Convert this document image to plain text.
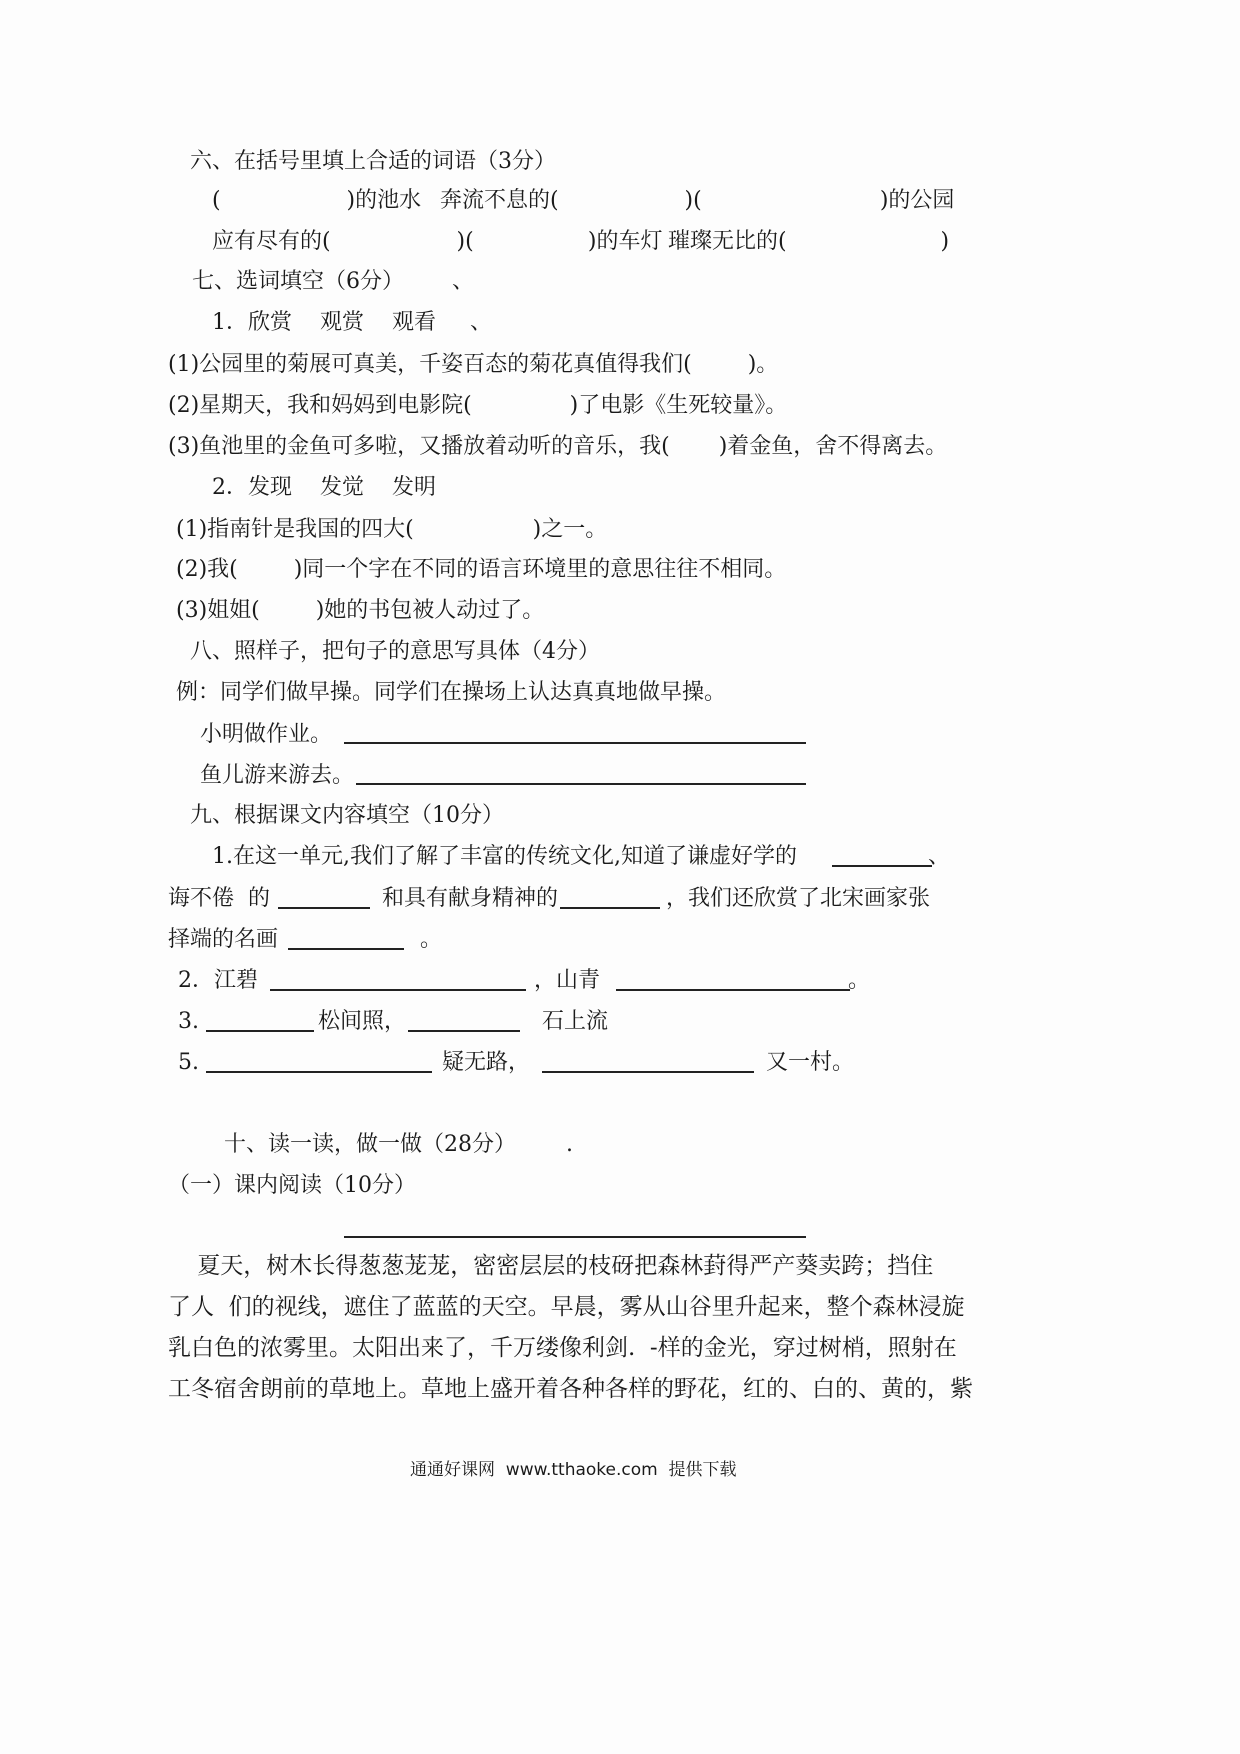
六、在括号里填上合适的词语（3分）
(	)的池水 奔流不息的(	)(	)的公园
应有尽有的(	)(	)的车灯 璀璨无比的(	)
七、选词填空（6分） 、
1．欣赏    观赏    观看 、
(1)公园里的菊展可真美，千姿百态的菊花真值得我们(        )。
(2)星期天，我和妈妈到电影院(              )了电影《生死较量》。
(3)鱼池里的金鱼可多啦，又播放着动听的音乐，我(       )着金鱼，舍不得离去。
2．发现    发觉    发明
(1)指南针是我国的四大(                 )之一。
(2)我(        )同一个字在不同的语言环境里的意思往往不相同。
(3)姐姐(        )她的书包被人动过了。
八、照样子，把句子的意思写具体（4分）
例：同学们做早操。同学们在操场上认达真真地做早操。
小明做作业。
鱼儿游来游去。
九、根据课文内容填空（10分）
1.在这一单元,我们了解了丰富的传统文化,知道了谦虚好学的	、
诲不倦  的	和具有献身精神的	，我们还欣赏了北宋画家张
择端的名画	。
2．江碧	，山青	。
3.	松间照，	石上流
5.	疑无路，	又一村。
十、读一读，做一做（28分） .
（一）课内阅读（10分）
夏天，树木长得葱葱茏茏，密密层层的枝砑把森林葑得严产葵卖跨；挡住
了人  们的视线，遮住了蓝蓝的天空。早晨，雾从山谷里升起来，整个森林浸旋
乳白色的浓雾里。太阳出来了，千万缕像利剑.  -样的金光，穿过树梢，照射在
工冬宿舍朗前的草地上。草地上盛开着各种各样的野花，红的、白的、黄的，紫
通通好课网  www.tthaoke.com  提供下载
